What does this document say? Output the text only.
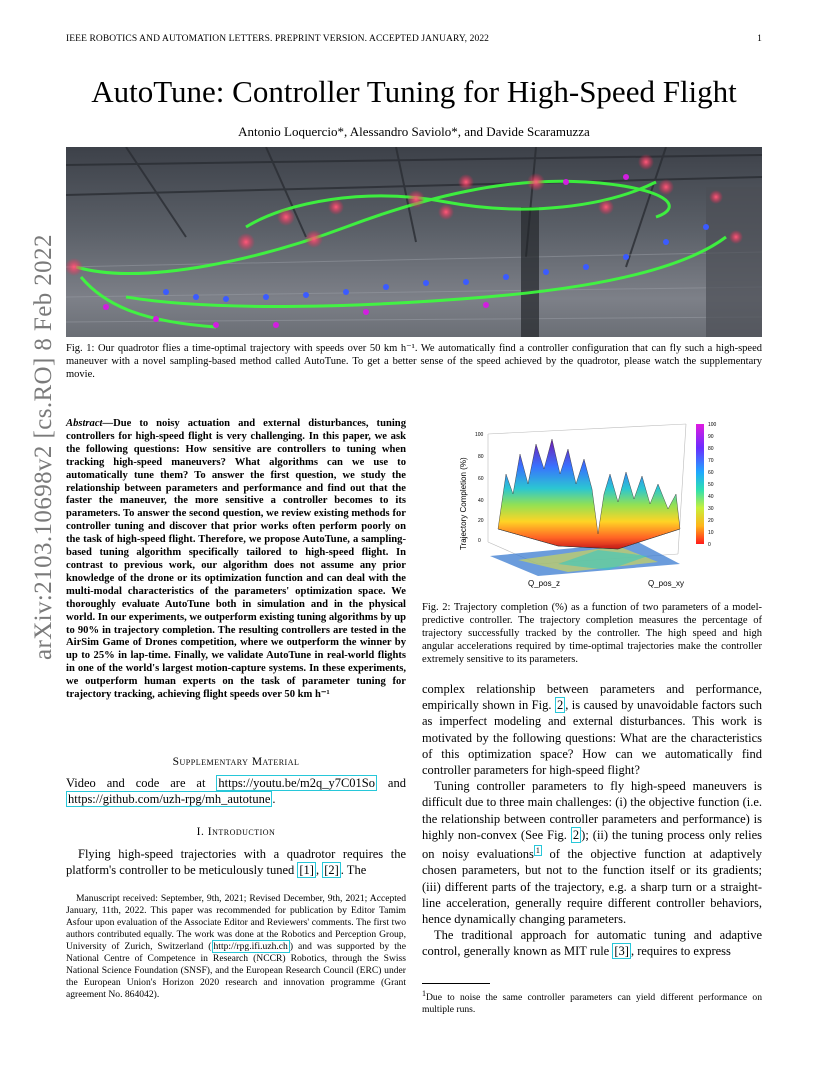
IEEE ROBOTICS AND AUTOMATION LETTERS. PREPRINT VERSION. ACCEPTED JANUARY, 2022	1
AutoTune: Controller Tuning for High-Speed Flight
Antonio Loquercio*, Alessandro Saviolo*, and Davide Scaramuzza
arXiv:2103.10698v2 [cs.RO] 8 Feb 2022 Fig. 1: Our quadrotor flies a time-optimal trajectory with speeds over 50 km h⁻¹. We automatically find a controller configuration that can fly such a high-speed maneuver with a novel sampling-based method called AutoTune. To get a better sense of the speed achieved by the quadrotor, please watch the supplementary movie.
Abstract—Due to noisy actuation and external disturbances, tuning controllers for high-speed flight is very challenging. In this paper, we ask the following questions: How sensitive are controllers to tuning when tracking high-speed maneuvers? What algorithms can we use to automatically tune them? To answer the first question, we study the relationship between parameters and performance and find out that the faster the maneuver, the more sensitive a controller becomes to its parameters. To answer the second question, we review existing methods for controller tuning and discover that prior works often perform poorly on the task of high-speed flight. Therefore, we propose AutoTune, a sampling-based tuning algorithm specifically tailored to high-speed flight. In contrast to previous work, our algorithm does not assume any prior knowledge of the drone or its optimization function and can deal with the multi-modal characteristics of the parameters' optimization space. We thoroughly evaluate AutoTune both in simulation and in the physical world. In our experiments, we outperform existing tuning algorithms by up to 90% in trajectory completion. The resulting controllers are tested in the AirSim Game of Drones competition, where we outperform the winner by up to 25% in lap-time. Finally, we validate AutoTune in real-world flights in one of the world's largest motion-capture systems. In these experiments, we outperform human experts on the task of parameter tuning for trajectory tracking, achieving flight speeds over 50 km h⁻¹
Supplementary Material
Video and code are at https://youtu.be/m2q_y7C01So and https://github.com/uzh-rpg/mh_autotune .
I. Introduction
Flying high-speed trajectories with a quadrotor requires the platform's controller to be meticulously tuned [1] , [2] . The
Manuscript received: September, 9th, 2021; Revised December, 9th, 2021; Accepted January, 11th, 2022. This paper was recommended for publication by Editor Tamim Asfour upon evaluation of the Associate Editor and Reviewers' comments. The first two authors contributed equally. The work was done at the Robotics and Perception Group, University of Zurich, Switzerland ( http://rpg.ifi.uzh.ch ) and was supported by the National Centre of Competence in Research (NCCR) Robotics, through the Swiss National Science Foundation (SNSF), and the European Research Council (ERC) under the European Union's Horizon 2020 research and innovation programme (Grant agreement No. 864042).
Trajectory Completion (%) 0
20
40
60
80
100
Q_pos_z	Q_pos_xy
100
90
80
70
60
50
40
30
20
10
0
Fig. 2: Trajectory completion (%) as a function of two parameters of a model-predictive controller. The trajectory completion measures the percentage of trajectory successfully tracked by the controller. The high speed and high angular accelerations required by time-optimal trajectories make the controller extremely sensitive to its parameters.

complex relationship between parameters and performance, empirically shown in Fig. 2 , is caused by unavoidable factors such as imperfect modeling and external disturbances. This work is motivated by the following questions: What are the characteristics of this optimization space? How can we automatically find controller parameters for high-speed flight?

Tuning controller parameters to fly high-speed maneuvers is difficult due to three main challenges: (i) the objective function (i.e. the relationship between controller parameters and performance) is highly non-convex (See Fig. 2 ); (ii) the tuning process only relies on noisy evaluations $^1$ of the objective function at adaptively chosen parameters, but not to the function itself or its gradients; (iii) different parts of the trajectory, e.g. a sharp turn or a straight-line acceleration, generally require different controller behaviors, hence dynamically changing parameters.

The traditional approach for automatic tuning and adaptive control, generally known as MIT rule [3] , requires to express

$^1$Due to noise the same controller parameters can yield different performance on multiple runs.
